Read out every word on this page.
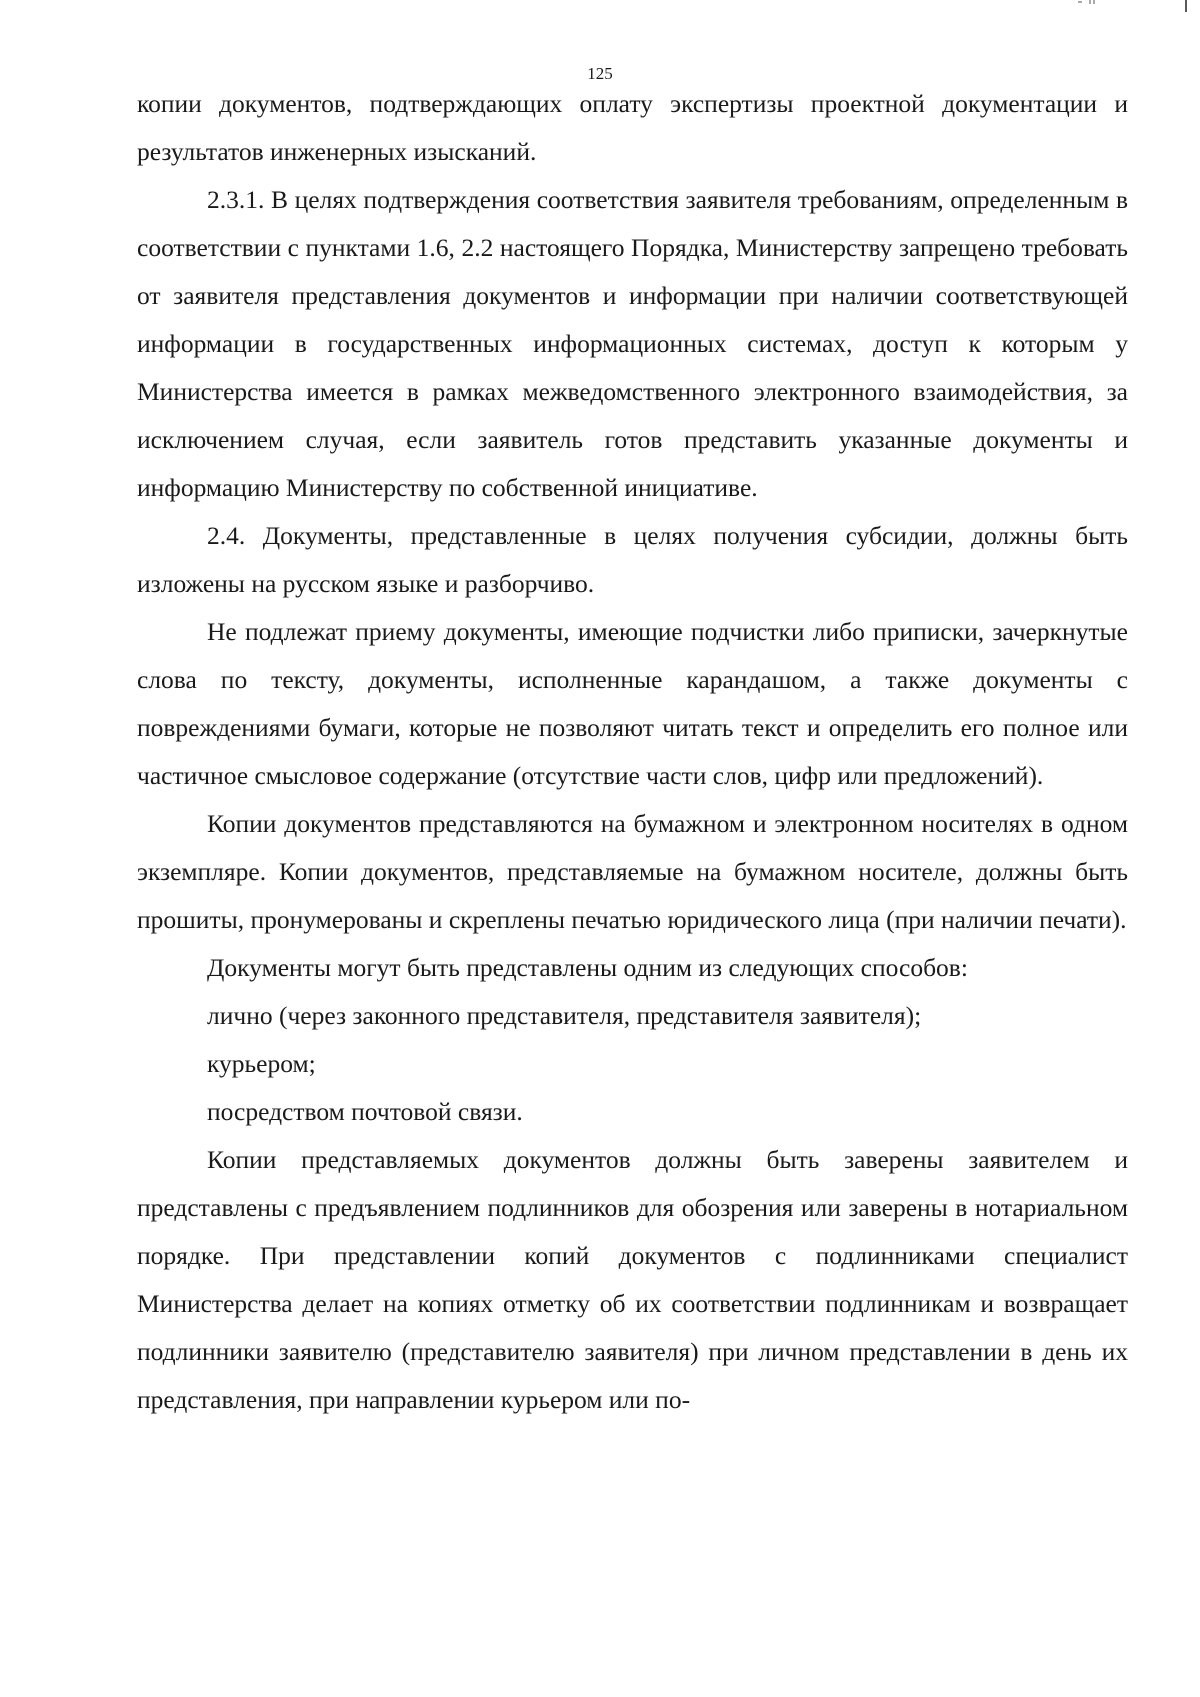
125

копии документов, подтверждающих оплату экспертизы проектной документации и результатов инженерных изысканий.

2.3.1. В целях подтверждения соответствия заявителя требованиям, определенным в соответствии с пунктами 1.6, 2.2 настоящего Порядка, Министерству запрещено требовать от заявителя представления документов и информации при наличии соответствующей информации в государственных информационных системах, доступ к которым у Министерства имеется в рамках межведомственного электронного взаимодействия, за исключением случая, если заявитель готов представить указанные документы и информацию Министерству по собственной инициативе.

2.4. Документы, представленные в целях получения субсидии, должны быть изложены на русском языке и разборчиво.

Не подлежат приему документы, имеющие подчистки либо приписки, зачеркнутые слова по тексту, документы, исполненные карандашом, а также документы с повреждениями бумаги, которые не позволяют читать текст и определить его полное или частичное смысловое содержание (отсутствие части слов, цифр или предложений).

Копии документов представляются на бумажном и электронном носителях в одном экземпляре. Копии документов, представляемые на бумажном носителе, должны быть прошиты, пронумерованы и скреплены печатью юридического лица (при наличии печати).

Документы могут быть представлены одним из следующих способов:

лично (через законного представителя, представителя заявителя);

курьером;

посредством почтовой связи.

Копии представляемых документов должны быть заверены заявителем и представлены с предъявлением подлинников для обозрения или заверены в нотариальном порядке. При представлении копий документов с подлинниками специалист Министерства делает на копиях отметку об их соответствии подлинникам и возвращает подлинники заявителю (представителю заявителя) при личном представлении в день их представления, при направлении курьером или по-
